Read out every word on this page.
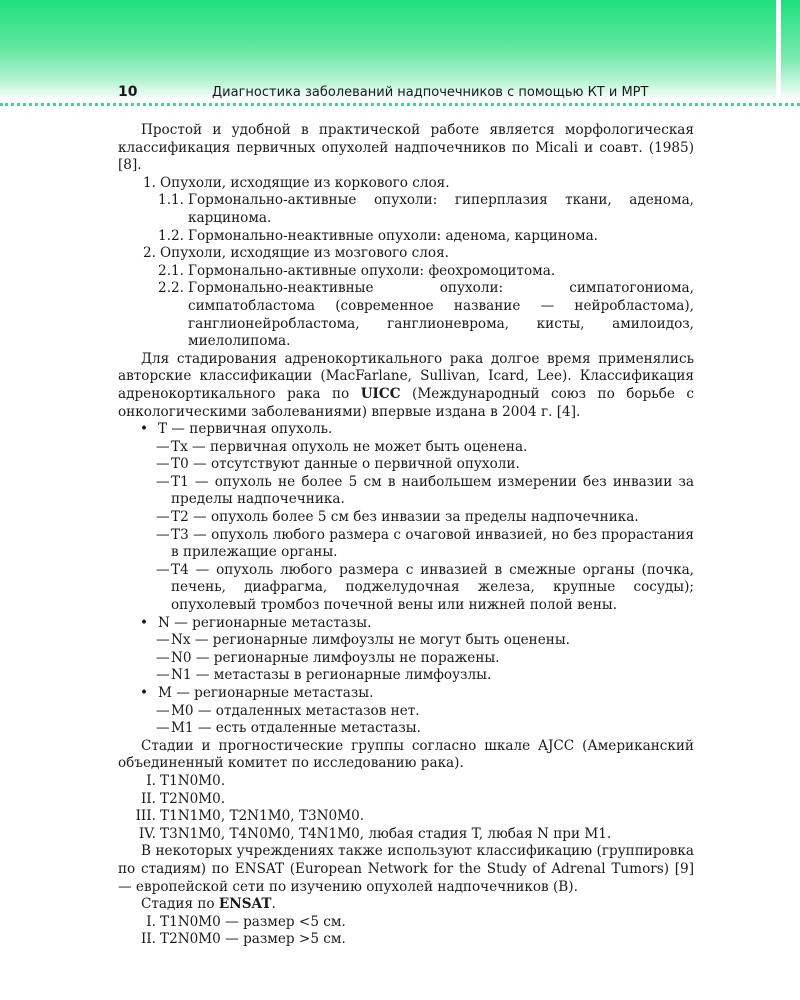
10	Диагностика заболеваний надпочечников с помощью КТ и МРТ

Простой и удобной в практической работе является морфологическая классификация первичных опухолей надпочечников по Micali и соавт. (1985) [8].

1. Опухоли, исходящие из коркового слоя.
1.1. Гормонально-активные опухоли: гиперплазия ткани, аденома, карцинома.
1.2. Гормонально-неактивные опухоли: аденома, карцинома.
2. Опухоли, исходящие из мозгового слоя.
2.1. Гормонально-активные опухоли: феохромоцитома.
2.2. Гормонально-неактивные опухоли: симпатогониома, симпатобластома (современное название — нейробластома), ганглионейробластома, ганглионеврома, кисты, амилоидоз, миелолипома.

Для стадирования адренокортикального рака долгое время применялись авторские классификации (MacFarlane, Sullivan, Icard, Lee). Классификация адренокортикального рака по UICC (Международный союз по борьбе с онкологическими заболеваниями) впервые издана в 2004 г. [4].

• T — первичная опухоль.
— Tx — первичная опухоль не может быть оценена.
— T0 — отсутствуют данные о первичной опухоли.
— T1 — опухоль не более 5 см в наибольшем измерении без инвазии за пределы надпочечника.
— T2 — опухоль более 5 см без инвазии за пределы надпочечника.
— T3 — опухоль любого размера с очаговой инвазией, но без прорастания в прилежащие органы.
— T4 — опухоль любого размера с инвазией в смежные органы (почка, печень, диафрагма, поджелудочная железа, крупные сосуды); опухолевый тромбоз почечной вены или нижней полой вены.
• N — регионарные метастазы.
— Nx — регионарные лимфоузлы не могут быть оценены.
— N0 — регионарные лимфоузлы не поражены.
— N1 — метастазы в регионарные лимфоузлы.
• M — регионарные метастазы.
— M0 — отдаленных метастазов нет.
— M1 — есть отдаленные метастазы.

Стадии и прогностические группы согласно шкале AJCC (Американский объединенный комитет по исследованию рака).

I. T1N0M0.
II. T2N0M0.
III. T1N1M0, T2N1M0, T3N0M0.
IV. T3N1M0, T4N0M0, T4N1M0, любая стадия T, любая N при M1.

В некоторых учреждениях также используют классификацию (группировка по стадиям) по ENSAT (European Network for the Study of Adrenal Tumors) [9] — европейской сети по изучению опухолей надпочечников (B).

Стадия по ENSAT.

I. T1N0M0 — размер <5 см.
II. T2N0M0 — размер >5 см.
